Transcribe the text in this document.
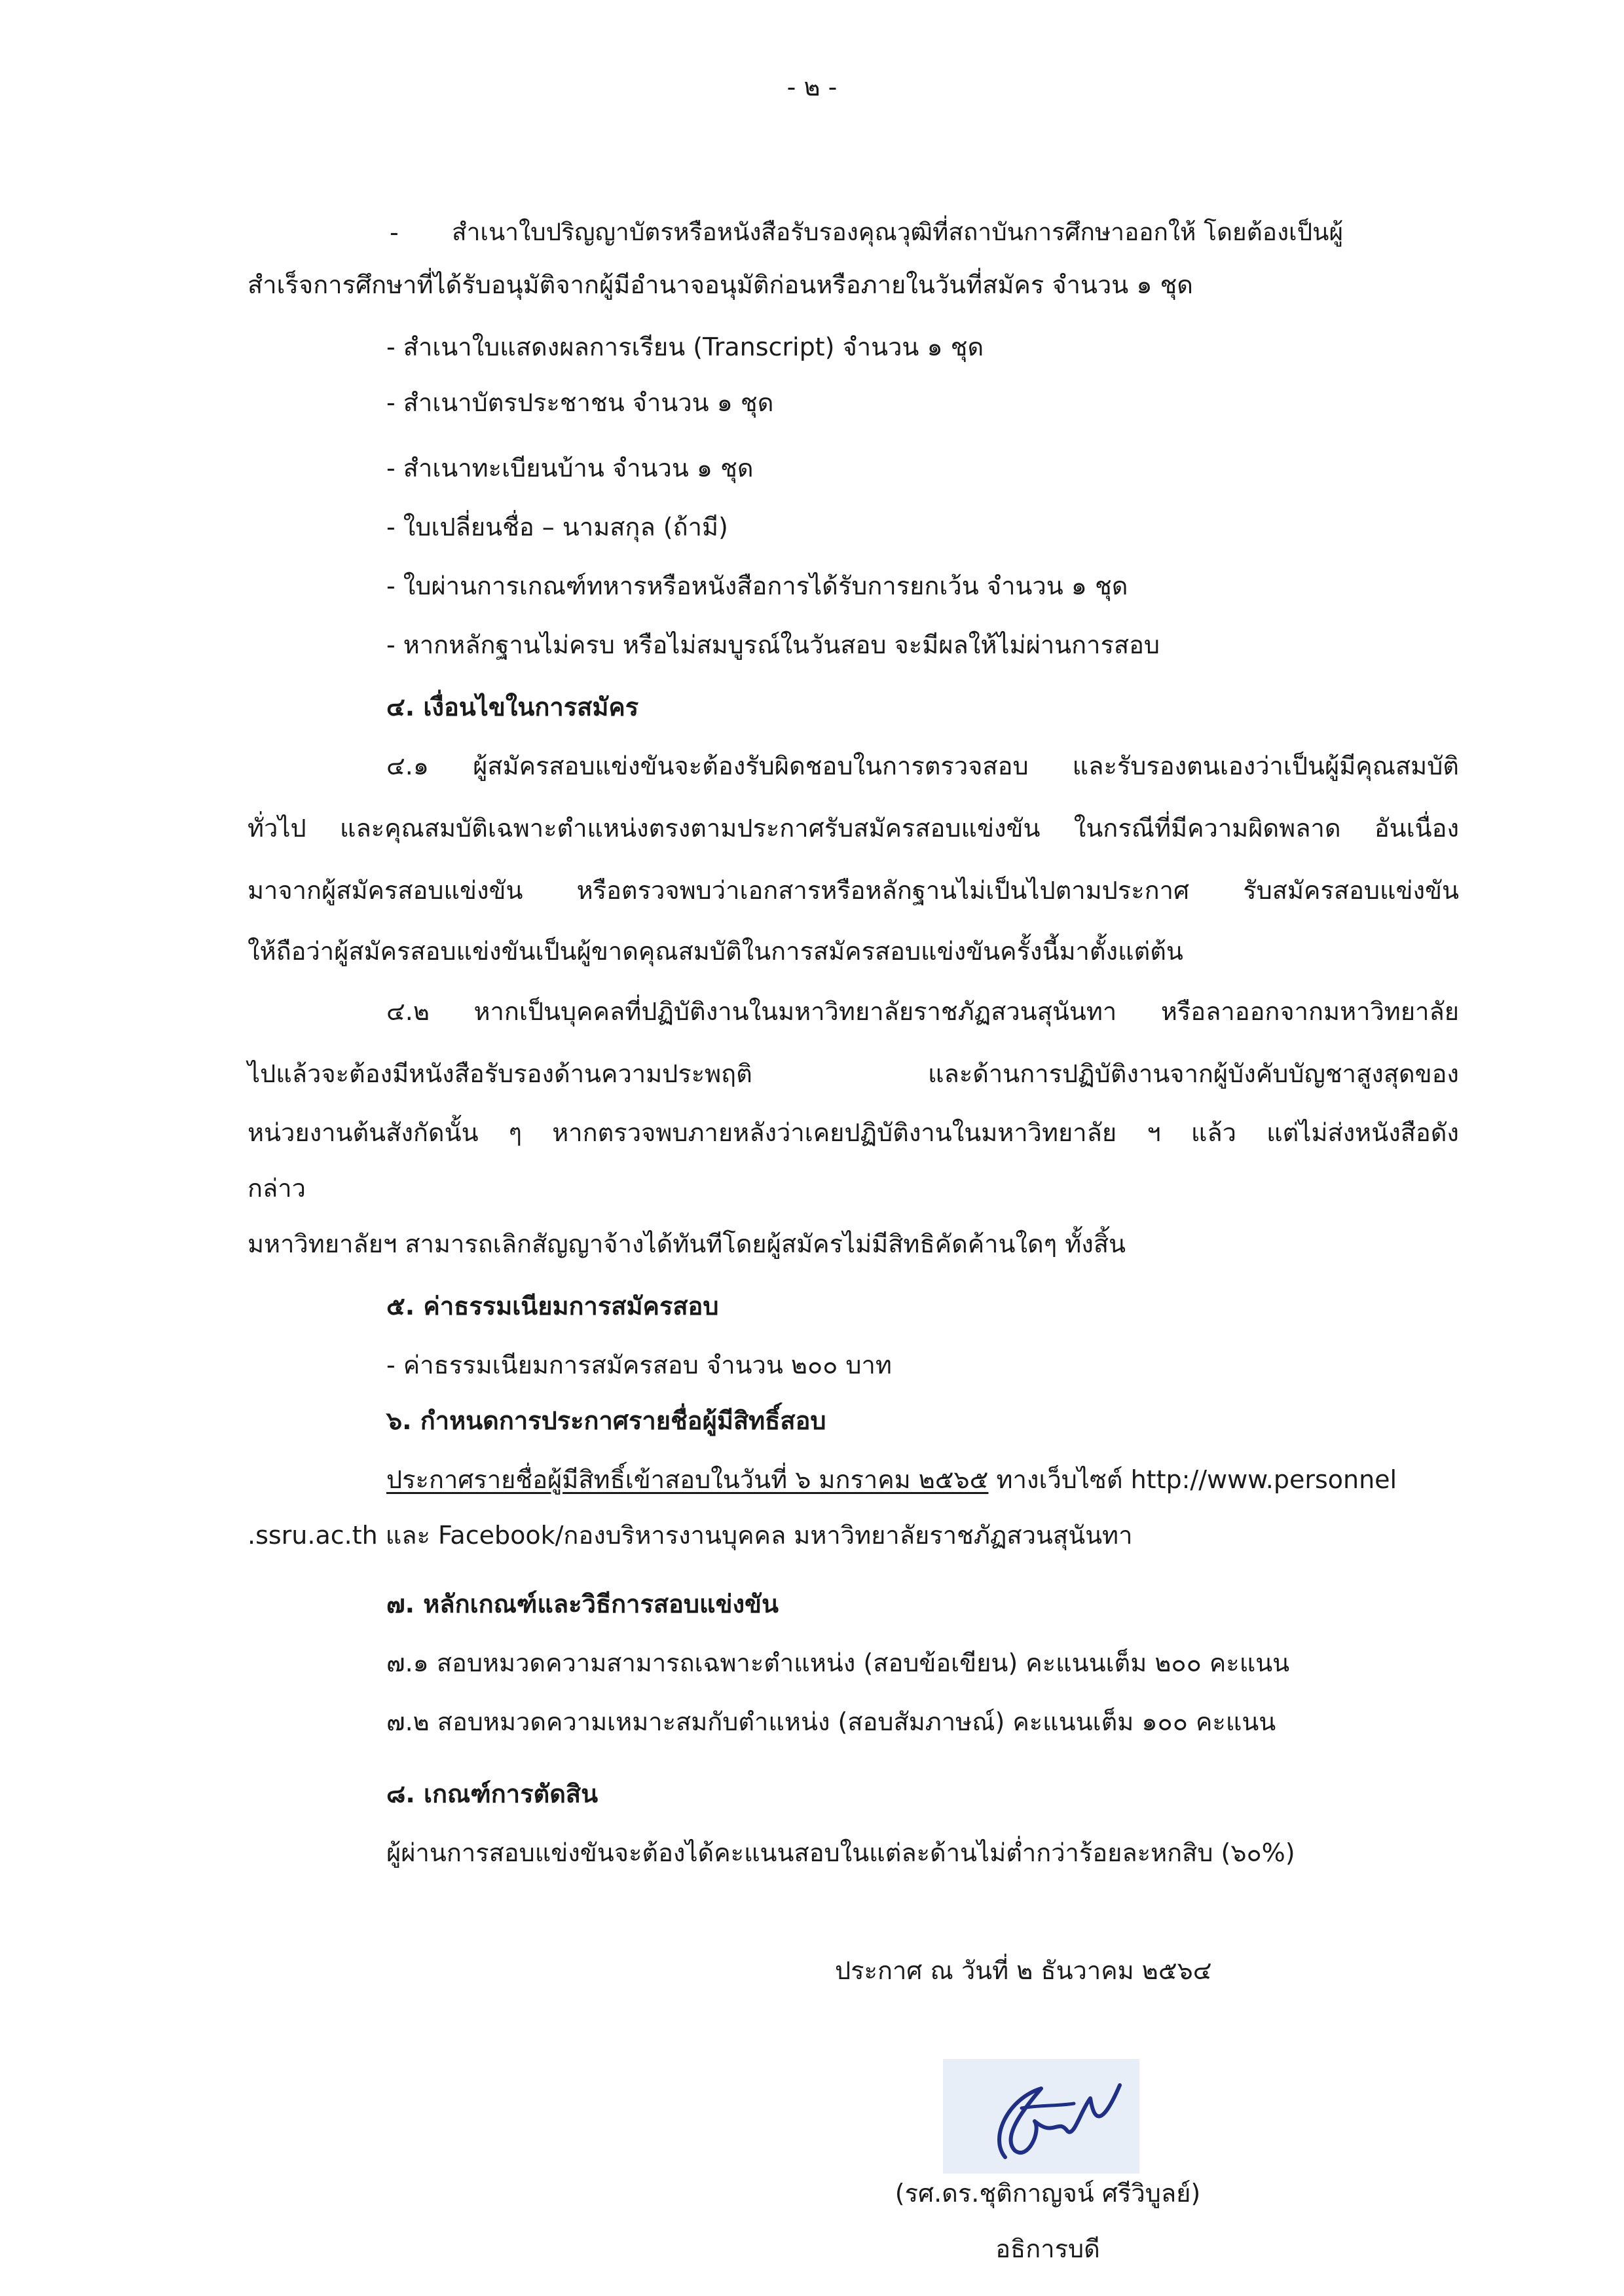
- ๒ -
- สำเนาใบปริญญาบัตรหรือหนังสือรับรองคุณวุฒิที่สถาบันการศึกษาออกให้ โดยต้องเป็นผู้
สำเร็จการศึกษาที่ได้รับอนุมัติจากผู้มีอำนาจอนุมัติก่อนหรือภายในวันที่สมัคร จำนวน ๑ ชุด
- สำเนาใบแสดงผลการเรียน (Transcript) จำนวน ๑ ชุด
- สำเนาบัตรประชาชน จำนวน ๑ ชุด
- สำเนาทะเบียนบ้าน จำนวน ๑ ชุด
- ใบเปลี่ยนชื่อ – นามสกุล (ถ้ามี)
- ใบผ่านการเกณฑ์ทหารหรือหนังสือการได้รับการยกเว้น จำนวน ๑ ชุด
- หากหลักฐานไม่ครบ หรือไม่สมบูรณ์ในวันสอบ จะมีผลให้ไม่ผ่านการสอบ
๔. เงื่อนไขในการสมัคร
๔.๑ ผู้สมัครสอบแข่งขันจะต้องรับผิดชอบในการตรวจสอบ และรับรองตนเองว่าเป็นผู้มีคุณสมบัติ
ทั่วไป และคุณสมบัติเฉพาะตำแหน่งตรงตามประกาศรับสมัครสอบแข่งขัน ในกรณีที่มีความผิดพลาด อันเนื่อง
มาจากผู้สมัครสอบแข่งขัน หรือตรวจพบว่าเอกสารหรือหลักฐานไม่เป็นไปตามประกาศ รับสมัครสอบแข่งขัน
ให้ถือว่าผู้สมัครสอบแข่งขันเป็นผู้ขาดคุณสมบัติในการสมัครสอบแข่งขันครั้งนี้มาตั้งแต่ต้น
๔.๒ หากเป็นบุคคลที่ปฏิบัติงานในมหาวิทยาลัยราชภัฏสวนสุนันทา หรือลาออกจากมหาวิทยาลัย
ไปแล้วจะต้องมีหนังสือรับรองด้านความประพฤติ และด้านการปฏิบัติงานจากผู้บังคับบัญชาสูงสุดของ
หน่วยงานต้นสังกัดนั้น ๆ หากตรวจพบภายหลังว่าเคยปฏิบัติงานในมหาวิทยาลัย ฯ แล้ว แต่ไม่ส่งหนังสือดัง
กล่าว
มหาวิทยาลัยฯ สามารถเลิกสัญญาจ้างได้ทันทีโดยผู้สมัครไม่มีสิทธิคัดค้านใดๆ ทั้งสิ้น
๕. ค่าธรรมเนียมการสมัครสอบ
- ค่าธรรมเนียมการสมัครสอบ จำนวน ๒๐๐ บาท
๖. กำหนดการประกาศรายชื่อผู้มีสิทธิ์สอบ
ประกาศรายชื่อผู้มีสิทธิ์เข้าสอบในวันที่ ๖ มกราคม ๒๕๖๕ ทางเว็บไซต์ http://www.personnel
.ssru.ac.th และ Facebook/กองบริหารงานบุคคล มหาวิทยาลัยราชภัฏสวนสุนันทา
๗. หลักเกณฑ์และวิธีการสอบแข่งขัน
๗.๑ สอบหมวดความสามารถเฉพาะตำแหน่ง (สอบข้อเขียน) คะแนนเต็ม ๒๐๐ คะแนน
๗.๒ สอบหมวดความเหมาะสมกับตำแหน่ง (สอบสัมภาษณ์) คะแนนเต็ม ๑๐๐ คะแนน
๘. เกณฑ์การตัดสิน
ผู้ผ่านการสอบแข่งขันจะต้องได้คะแนนสอบในแต่ละด้านไม่ต่ำกว่าร้อยละหกสิบ (๖๐%)
ประกาศ ณ วันที่ ๒ ธันวาคม ๒๕๖๔
(รศ.ดร.ชุติกาญจน์ ศรีวิบูลย์)
อธิการบดี
